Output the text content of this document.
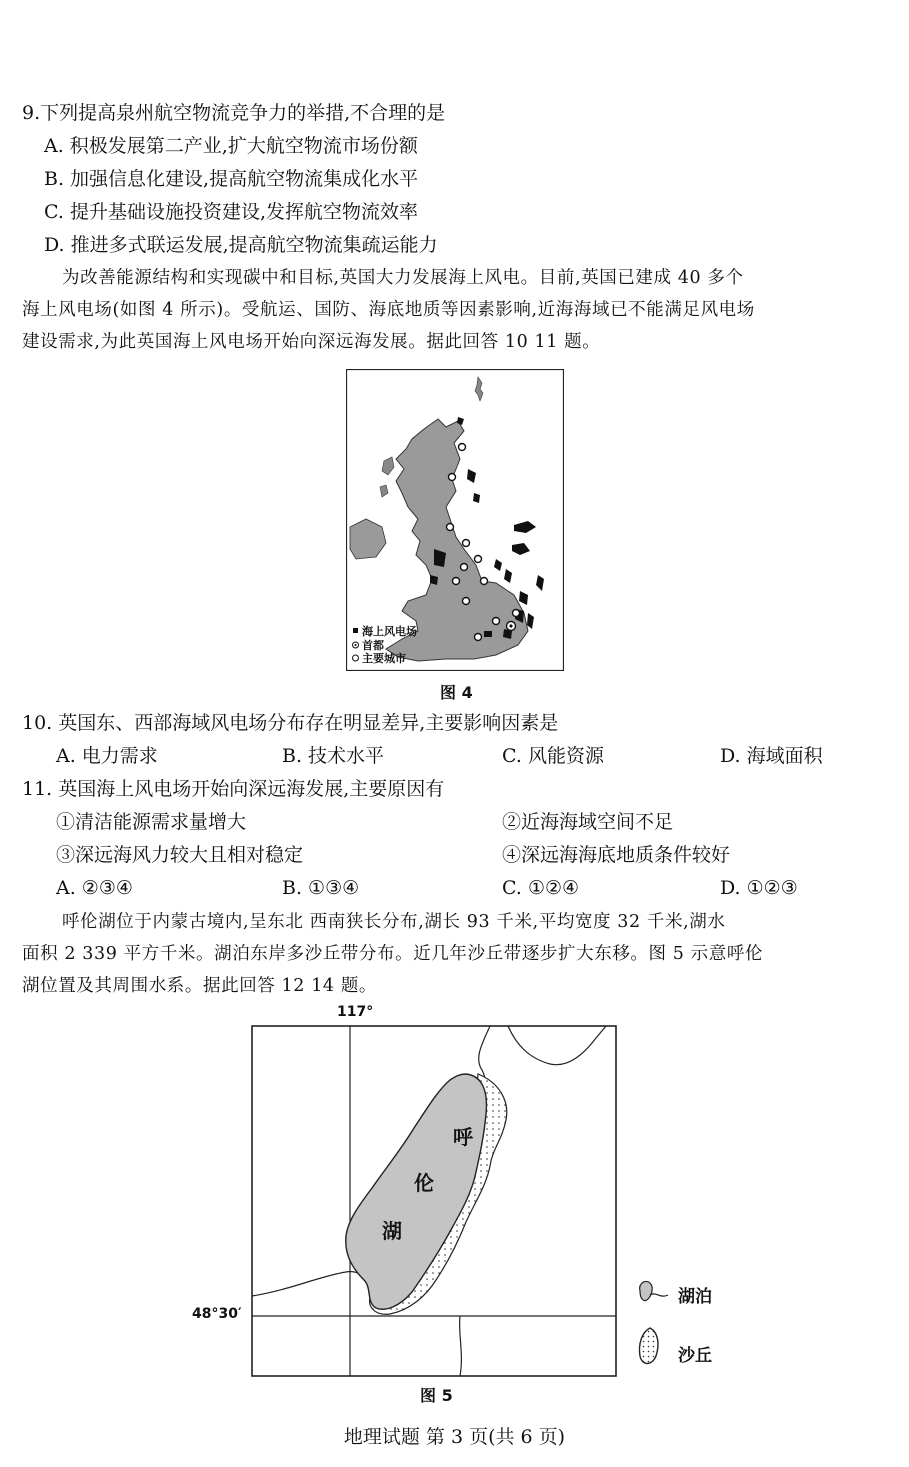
9.下列提高泉州航空物流竞争力的举措,不合理的是
A. 积极发展第二产业,扩大航空物流市场份额
B. 加强信息化建设,提高航空物流集成化水平
C. 提升基础设施投资建设,发挥航空物流效率
D. 推进多式联运发展,提高航空物流集疏运能力
为改善能源结构和实现碳中和目标,英国大力发展海上风电。目前,英国已建成 40 多个
海上风电场(如图 4 所示)。受航运、国防、海底地质等因素影响,近海海域已不能满足风电场
建设需求,为此英国海上风电场开始向深远海发展。据此回答 10 11 题。
海上风电场
首都
主要城市
图 4
10. 英国东、西部海域风电场分布存在明显差异,主要影响因素是
A. 电力需求	B. 技术水平	C. 风能资源	D. 海域面积
11. 英国海上风电场开始向深远海发展,主要原因有
①清洁能源需求量增大	②近海海域空间不足
③深远海风力较大且相对稳定	④深远海海底地质条件较好
A. ②③④	B. ①③④	C. ①②④	D. ①②③
呼伦湖位于内蒙古境内,呈东北 西南狭长分布,湖长 93 千米,平均宽度 32 千米,湖水
面积 2 339 平方千米。湖泊东岸多沙丘带分布。近几年沙丘带逐步扩大东移。图 5 示意呼伦
湖位置及其周围水系。据此回答 12 14 题。
117°
48°30′
呼
伦
湖
湖泊
沙丘
图 5
地理试题 第 3 页(共 6 页)
